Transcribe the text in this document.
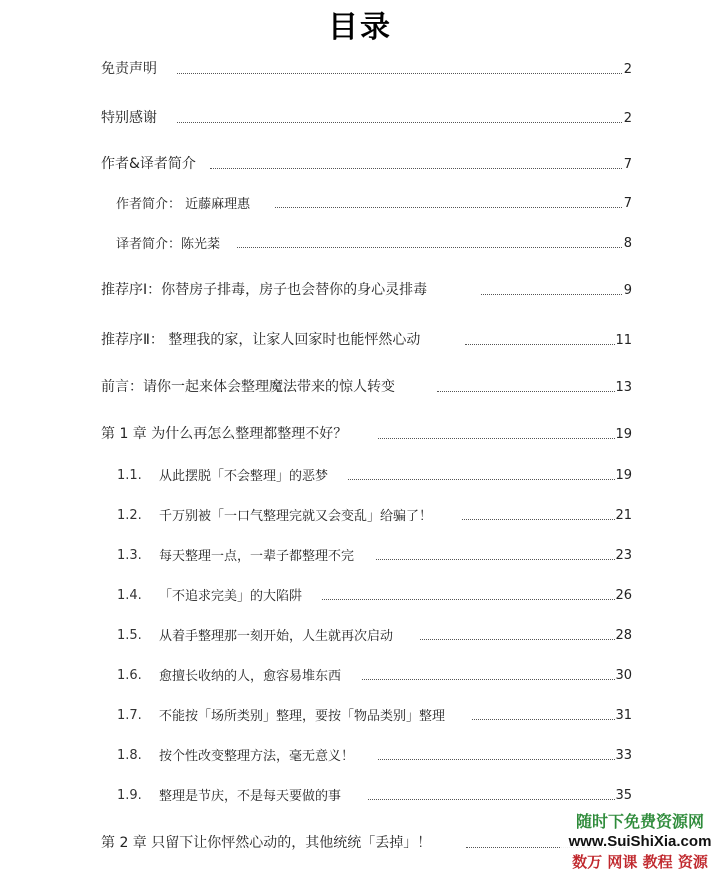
目录
免责声明	2
特别感谢	2
作者&译者简介	7
作者简介： 近藤麻理惠	7
译者简介：陈光棻	8
推荐序Ⅰ：你替房子排毒，房子也会替你的身心灵排毒	9
推荐序Ⅱ： 整理我的家，让家人回家时也能怦然心动	11
前言：请你一起来体会整理魔法带来的惊人转变	13
第 1 章 为什么再怎么整理都整理不好？	19
1.1. 从此摆脱「不会整理」的恶梦	19
1.2. 千万别被「一口气整理完就又会变乱」给骗了！	21
1.3. 每天整理一点，一辈子都整理不完	23
1.4. 「不追求完美」的大陷阱	26
1.5. 从着手整理那一刻开始，人生就再次启动	28
1.6. 愈擅长收纳的人，愈容易堆东西	30
1.7. 不能按「场所类别」整理，要按「物品类别」整理	31
1.8. 按个性改变整理方法，毫无意义！	33
1.9. 整理是节庆，不是每天要做的事	35
第 2 章 只留下让你怦然心动的，其他统统「丢掉」！
随时下免费资源网
www.SuiShiXia.com
数万 网课 教程 资源
